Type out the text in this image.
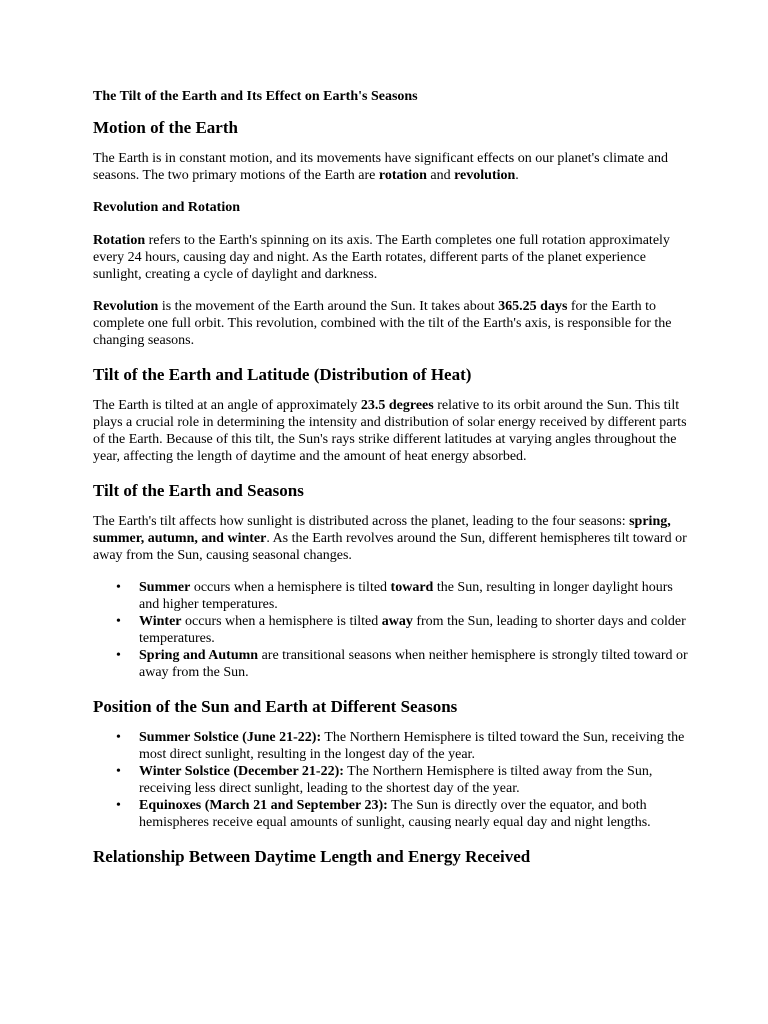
The Tilt of the Earth and Its Effect on Earth's Seasons
Motion of the Earth

The Earth is in constant motion, and its movements have significant effects on our planet's climate and seasons. The two primary motions of the Earth are rotation and revolution.

Revolution and Rotation

Rotation refers to the Earth's spinning on its axis. The Earth completes one full rotation approximately every 24 hours, causing day and night. As the Earth rotates, different parts of the planet experience sunlight, creating a cycle of daylight and darkness.

Revolution is the movement of the Earth around the Sun. It takes about 365.25 days for the Earth to complete one full orbit. This revolution, combined with the tilt of the Earth's axis, is responsible for the changing seasons.

Tilt of the Earth and Latitude (Distribution of Heat)

The Earth is tilted at an angle of approximately 23.5 degrees relative to its orbit around the Sun. This tilt plays a crucial role in determining the intensity and distribution of solar energy received by different parts of the Earth. Because of this tilt, the Sun's rays strike different latitudes at varying angles throughout the year, affecting the length of daytime and the amount of heat energy absorbed.

Tilt of the Earth and Seasons

The Earth's tilt affects how sunlight is distributed across the planet, leading to the four seasons: spring, summer, autumn, and winter. As the Earth revolves around the Sun, different hemispheres tilt toward or away from the Sun, causing seasonal changes.

• Summer occurs when a hemisphere is tilted toward the Sun, resulting in longer daylight hours and higher temperatures.
• Winter occurs when a hemisphere is tilted away from the Sun, leading to shorter days and colder temperatures.
• Spring and Autumn are transitional seasons when neither hemisphere is strongly tilted toward or away from the Sun.
Position of the Sun and Earth at Different Seasons
• Summer Solstice (June 21-22): The Northern Hemisphere is tilted toward the Sun, receiving the most direct sunlight, resulting in the longest day of the year.
• Winter Solstice (December 21-22): The Northern Hemisphere is tilted away from the Sun, receiving less direct sunlight, leading to the shortest day of the year.
• Equinoxes (March 21 and September 23): The Sun is directly over the equator, and both hemispheres receive equal amounts of sunlight, causing nearly equal day and night lengths.
Relationship Between Daytime Length and Energy Received
